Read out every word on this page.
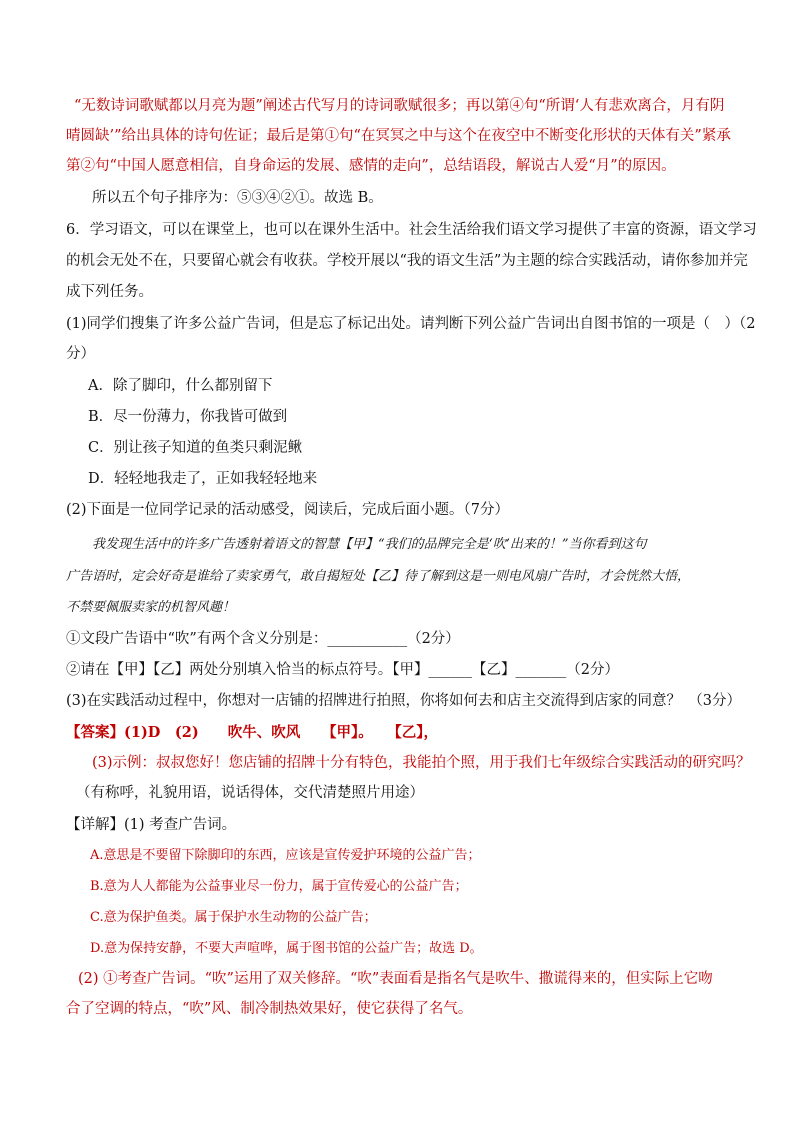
“无数诗词歌赋都以月亮为题”阐述古代写月的诗词歌赋很多；再以第④句“所谓‘人有悲欢离合，月有阴
晴圆缺’”给出具体的诗句佐证；最后是第①句“在冥冥之中与这个在夜空中不断变化形状的天体有关”紧承
第②句“中国人愿意相信，自身命运的发展、感情的走向”，总结语段，解说古人爱“月”的原因。
所以五个句子排序为：⑤③④②①。故选 B。
6．学习语文，可以在课堂上，也可以在课外生活中。社会生活给我们语文学习提供了丰富的资源，语文学习
的机会无处不在，只要留心就会有收获。学校开展以“我的语文生活”为主题的综合实践活动，请你参加并完
成下列任务。
(1)同学们搜集了许多公益广告词，但是忘了标记出处。请判断下列公益广告词出自图书馆的一项是（　）（2
分）
A．除了脚印，什么都别留下
B．尽一份薄力，你我皆可做到
C．别让孩子知道的鱼类只剩泥鳅
D．轻轻地我走了，正如我轻轻地来
(2)下面是一位同学记录的活动感受，阅读后，完成后面小题。（7分）
我发现生活中的许多广告透射着语文的智慧【甲】“我们的品牌完全是‘吹’出来的！”当你看到这句
广告语时，定会好奇是谁给了卖家勇气，敢自揭短处【乙】待了解到这是一则电风扇广告时，才会恍然大悟，
不禁要佩服卖家的机智风趣！
①文段广告语中“吹”有两个含义分别是：___________（2分）
②请在【甲】【乙】两处分别填入恰当的标点符号。【甲】______【乙】_______（2分）
(3)在实践活动过程中，你想对一店铺的招牌进行拍照，你将如何去和店主交流得到店家的同意？　（3分）
【答案】(1)D　(2)　　吹牛、吹风　　【甲】。　　【乙】，
(3)示例：叔叔您好！您店铺的招牌十分有特色，我能拍个照，用于我们七年级综合实践活动的研究吗？
（有称呼，礼貌用语，说话得体，交代清楚照片用途）
【详解】(1) 考查广告词。
A.意思是不要留下除脚印的东西，应该是宣传爱护环境的公益广告；
B.意为人人都能为公益事业尽一份力，属于宣传爱心的公益广告；
C.意为保护鱼类。属于保护水生动物的公益广告；
D.意为保持安静，不要大声喧哗，属于图书馆的公益广告；故选 D。
(2) ①考查广告词。“吹”运用了双关修辞。“吹”表面看是指名气是吹牛、撒谎得来的，但实际上它吻
合了空调的特点，“吹”风、制冷制热效果好，使它获得了名气。
